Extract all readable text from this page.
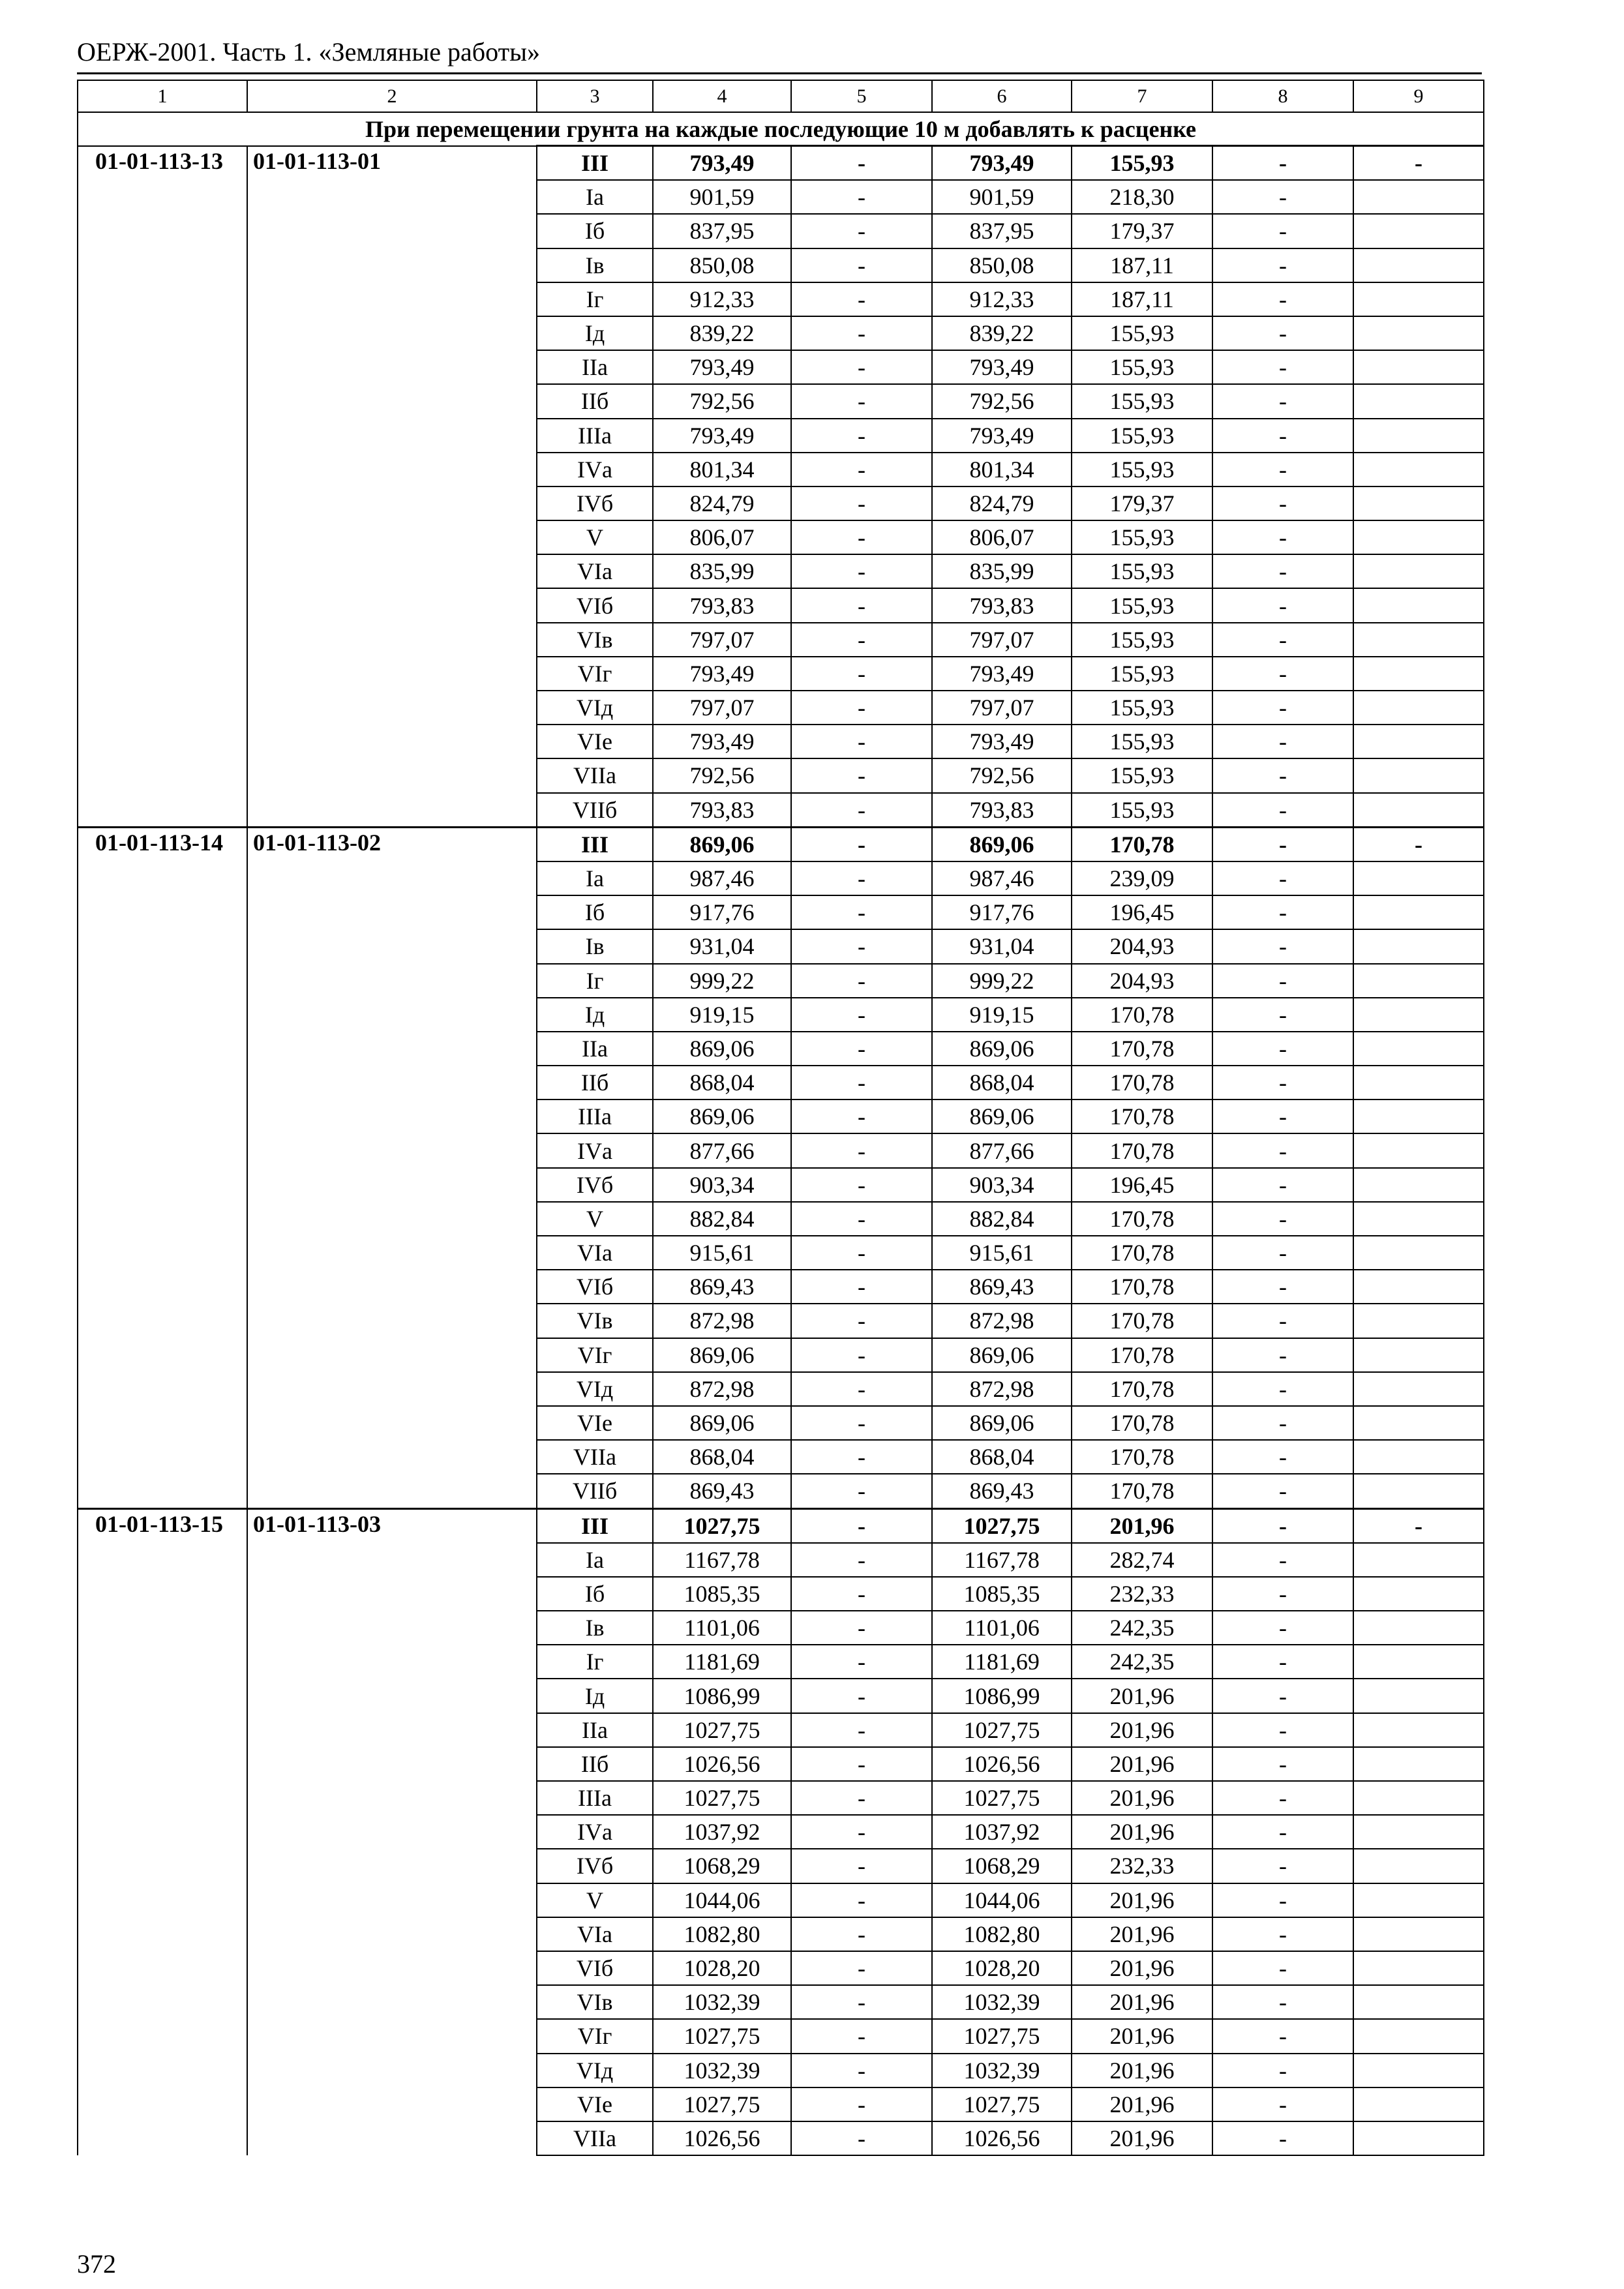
ОЕРЖ-2001. Часть 1. «Земляные работы»
1	2	3	4	5	6	7	8	9
При перемещении грунта на каждые последующие 10 м добавлять к расценке								
01-01-113-13	01-01-113-01	III	793,49	-	793,49	155,93	-	-
		Iа	901,59	-	901,59	218,30	-	
		Iб	837,95	-	837,95	179,37	-	
		Iв	850,08	-	850,08	187,11	-	
		Iг	912,33	-	912,33	187,11	-	
		Iд	839,22	-	839,22	155,93	-	
		IIа	793,49	-	793,49	155,93	-	
		IIб	792,56	-	792,56	155,93	-	
		IIIа	793,49	-	793,49	155,93	-	
		IVа	801,34	-	801,34	155,93	-	
		IVб	824,79	-	824,79	179,37	-	
		V	806,07	-	806,07	155,93	-	
		VIа	835,99	-	835,99	155,93	-	
		VIб	793,83	-	793,83	155,93	-	
		VIв	797,07	-	797,07	155,93	-	
		VIг	793,49	-	793,49	155,93	-	
		VIд	797,07	-	797,07	155,93	-	
		VIе	793,49	-	793,49	155,93	-	
		VIIа	792,56	-	792,56	155,93	-	
		VIIб	793,83	-	793,83	155,93	-	
01-01-113-14	01-01-113-02	III	869,06	-	869,06	170,78	-	-
		Iа	987,46	-	987,46	239,09	-	
		Iб	917,76	-	917,76	196,45	-	
		Iв	931,04	-	931,04	204,93	-	
		Iг	999,22	-	999,22	204,93	-	
		Iд	919,15	-	919,15	170,78	-	
		IIа	869,06	-	869,06	170,78	-	
		IIб	868,04	-	868,04	170,78	-	
		IIIа	869,06	-	869,06	170,78	-	
		IVа	877,66	-	877,66	170,78	-	
		IVб	903,34	-	903,34	196,45	-	
		V	882,84	-	882,84	170,78	-	
		VIа	915,61	-	915,61	170,78	-	
		VIб	869,43	-	869,43	170,78	-	
		VIв	872,98	-	872,98	170,78	-	
		VIг	869,06	-	869,06	170,78	-	
		VIд	872,98	-	872,98	170,78	-	
		VIе	869,06	-	869,06	170,78	-	
		VIIа	868,04	-	868,04	170,78	-	
		VIIб	869,43	-	869,43	170,78	-	
01-01-113-15	01-01-113-03	III	1027,75	-	1027,75	201,96	-	-
		Iа	1167,78	-	1167,78	282,74	-	
		Iб	1085,35	-	1085,35	232,33	-	
		Iв	1101,06	-	1101,06	242,35	-	
		Iг	1181,69	-	1181,69	242,35	-	
		Iд	1086,99	-	1086,99	201,96	-	
		IIа	1027,75	-	1027,75	201,96	-	
		IIб	1026,56	-	1026,56	201,96	-	
		IIIа	1027,75	-	1027,75	201,96	-	
		IVа	1037,92	-	1037,92	201,96	-	
		IVб	1068,29	-	1068,29	232,33	-	
		V	1044,06	-	1044,06	201,96	-	
		VIа	1082,80	-	1082,80	201,96	-	
		VIб	1028,20	-	1028,20	201,96	-	
		VIв	1032,39	-	1032,39	201,96	-	
		VIг	1027,75	-	1027,75	201,96	-	
		VIд	1032,39	-	1032,39	201,96	-	
		VIе	1027,75	-	1027,75	201,96	-	
		VIIа	1026,56	-	1026,56	201,96	-	
372
